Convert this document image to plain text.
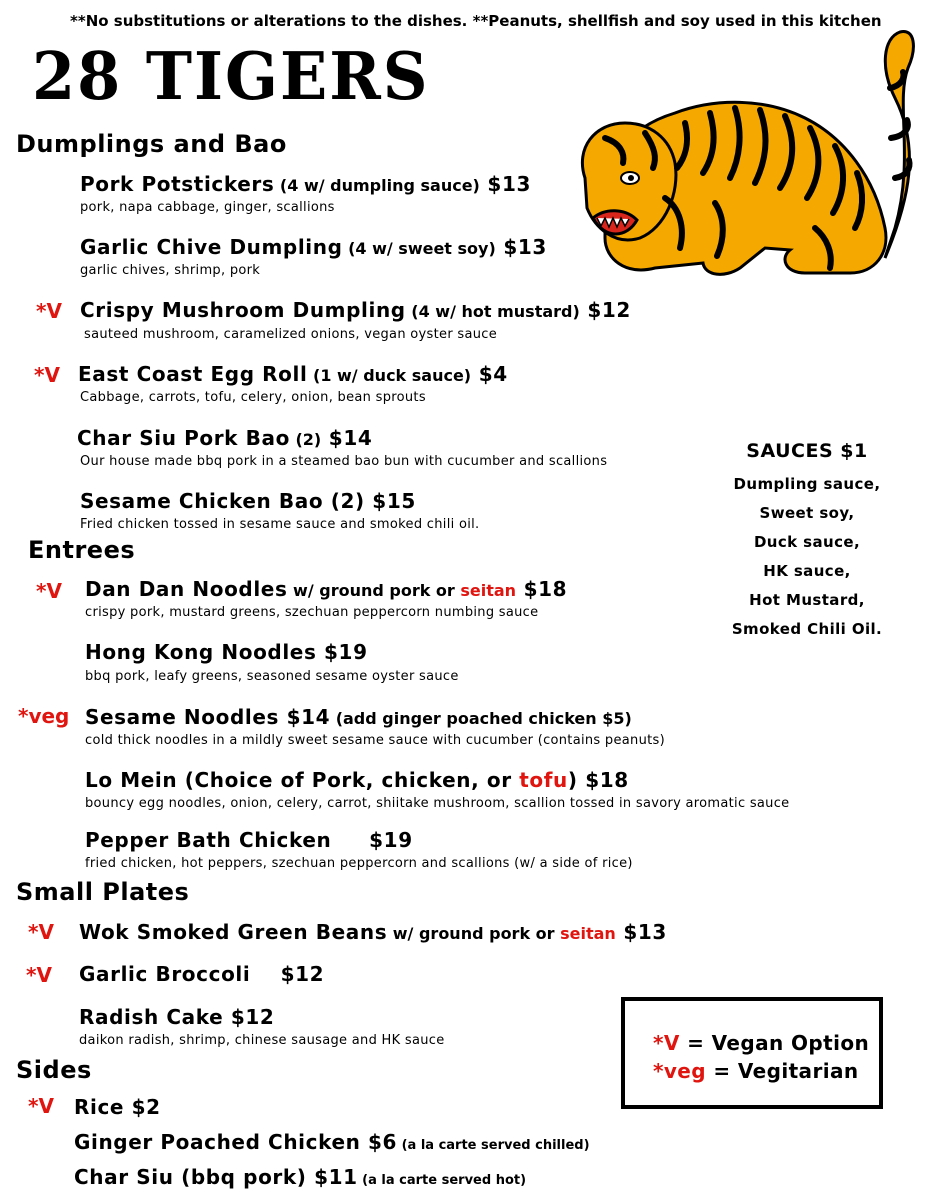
**No substitutions or alterations to the dishes. **Peanuts, shellfish and soy used in this kitchen
28 TIGERS
Dumplings and Bao
Pork Potstickers (4 w/ dumpling sauce) $13
pork, napa cabbage, ginger, scallions
Garlic Chive Dumpling (4 w/ sweet soy) $13
garlic chives, shrimp, pork
*V Crispy Mushroom Dumpling (4 w/ hot mustard) $12
sauteed mushroom, caramelized onions, vegan oyster sauce
*V East Coast Egg Roll (1 w/ duck sauce) $4
Cabbage, carrots, tofu, celery, onion, bean sprouts
Char Siu Pork Bao (2) $14
Our house made bbq pork in a steamed bao bun with cucumber and scallions
Sesame Chicken Bao (2) $15
Fried chicken tossed in sesame sauce and smoked chili oil.
Entrees
*V Dan Dan Noodles w/ ground pork or seitan $18
crispy pork, mustard greens, szechuan peppercorn numbing sauce
Hong Kong Noodles $19
bbq pork, leafy greens, seasoned sesame oyster sauce
*veg Sesame Noodles $14 (add ginger poached chicken $5)
cold thick noodles in a mildly sweet sesame sauce with cucumber (contains peanuts)
Lo Mein (Choice of Pork, chicken, or tofu) $18
bouncy egg noodles, onion, celery, carrot, shiitake mushroom, scallion tossed in savory aromatic sauce
Pepper Bath Chicken     $19
fried chicken, hot peppers, szechuan peppercorn and scallions (w/ a side of rice)
Small Plates
*V Wok Smoked Green Beans w/ ground pork or seitan $13
*V Garlic Broccoli    $12
Radish Cake $12
daikon radish, shrimp, chinese sausage and HK sauce
Sides
*V Rice $2
Ginger Poached Chicken $6 (a la carte served chilled)
Char Siu (bbq pork) $11 (a la carte served hot)
SAUCES $1
Dumpling sauce,
Sweet soy,
Duck sauce,
HK sauce,
Hot Mustard,
Smoked Chili Oil.
*V = Vegan Option
*veg = Vegitarian
